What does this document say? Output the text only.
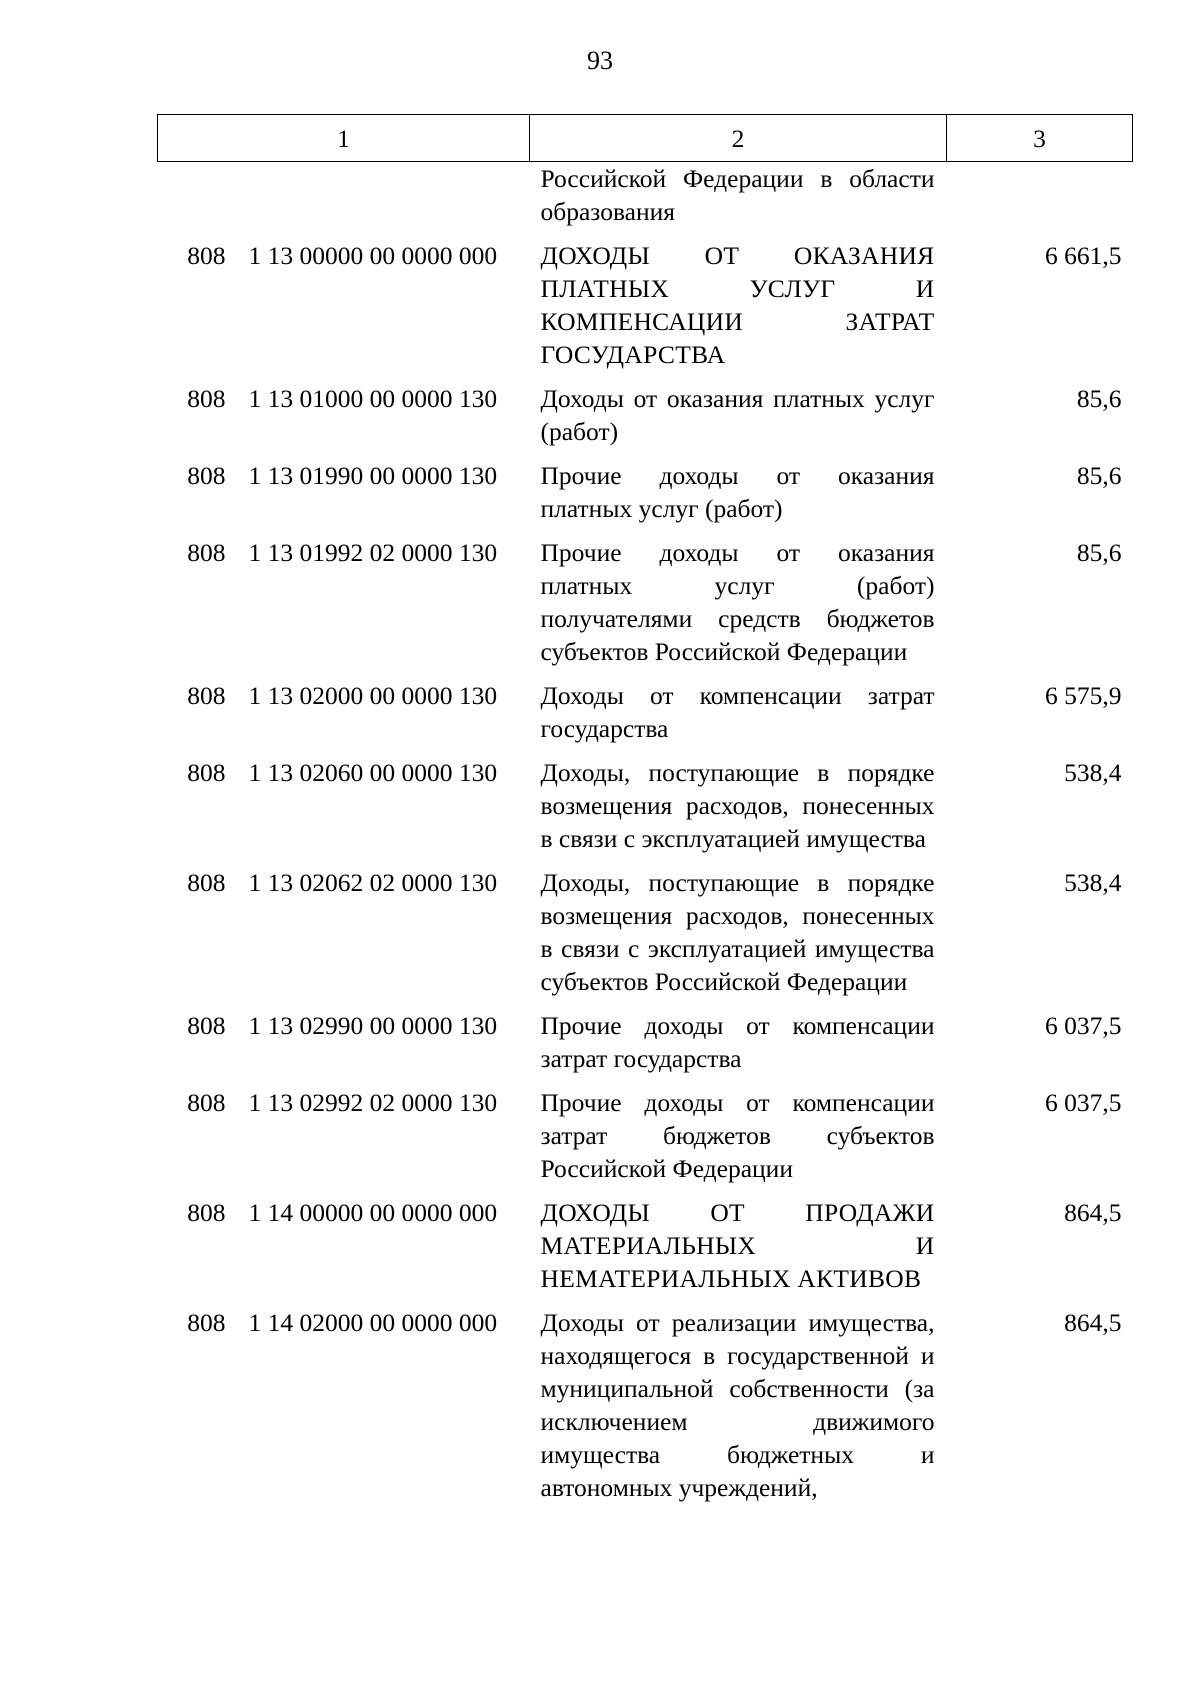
93
1	2	3
	Российской Федерации в области образования	
808 1 13 00000 00 0000 000	ДОХОДЫ ОТ ОКАЗАНИЯ ПЛАТНЫХ УСЛУГ И КОМПЕНСАЦИИ ЗАТРАТ ГОСУДАРСТВА	6 661,5
808 1 13 01000 00 0000 130	Доходы от оказания платных услуг (работ)	85,6
808 1 13 01990 00 0000 130	Прочие доходы от оказания платных услуг (работ)	85,6
808 1 13 01992 02 0000 130	Прочие доходы от оказания платных услуг (работ) получателями средств бюджетов субъектов Российской Федерации	85,6
808 1 13 02000 00 0000 130	Доходы от компенсации затрат государства	6 575,9
808 1 13 02060 00 0000 130	Доходы, поступающие в порядке возмещения расходов, понесенных в связи с эксплуатацией имущества	538,4
808 1 13 02062 02 0000 130	Доходы, поступающие в порядке возмещения расходов, понесенных в связи с эксплуатацией имущества субъектов Российской Федерации	538,4
808 1 13 02990 00 0000 130	Прочие доходы от компенсации затрат государства	6 037,5
808 1 13 02992 02 0000 130	Прочие доходы от компенсации затрат бюджетов субъектов Российской Федерации	6 037,5
808 1 14 00000 00 0000 000	ДОХОДЫ ОТ ПРОДАЖИ МАТЕРИАЛЬНЫХ И НЕМАТЕРИАЛЬНЫХ АКТИВОВ	864,5
808 1 14 02000 00 0000 000	Доходы от реализации имущества, находящегося в государственной и муниципальной собственности (за исключением движимого имущества бюджетных и автономных учреждений,	864,5
